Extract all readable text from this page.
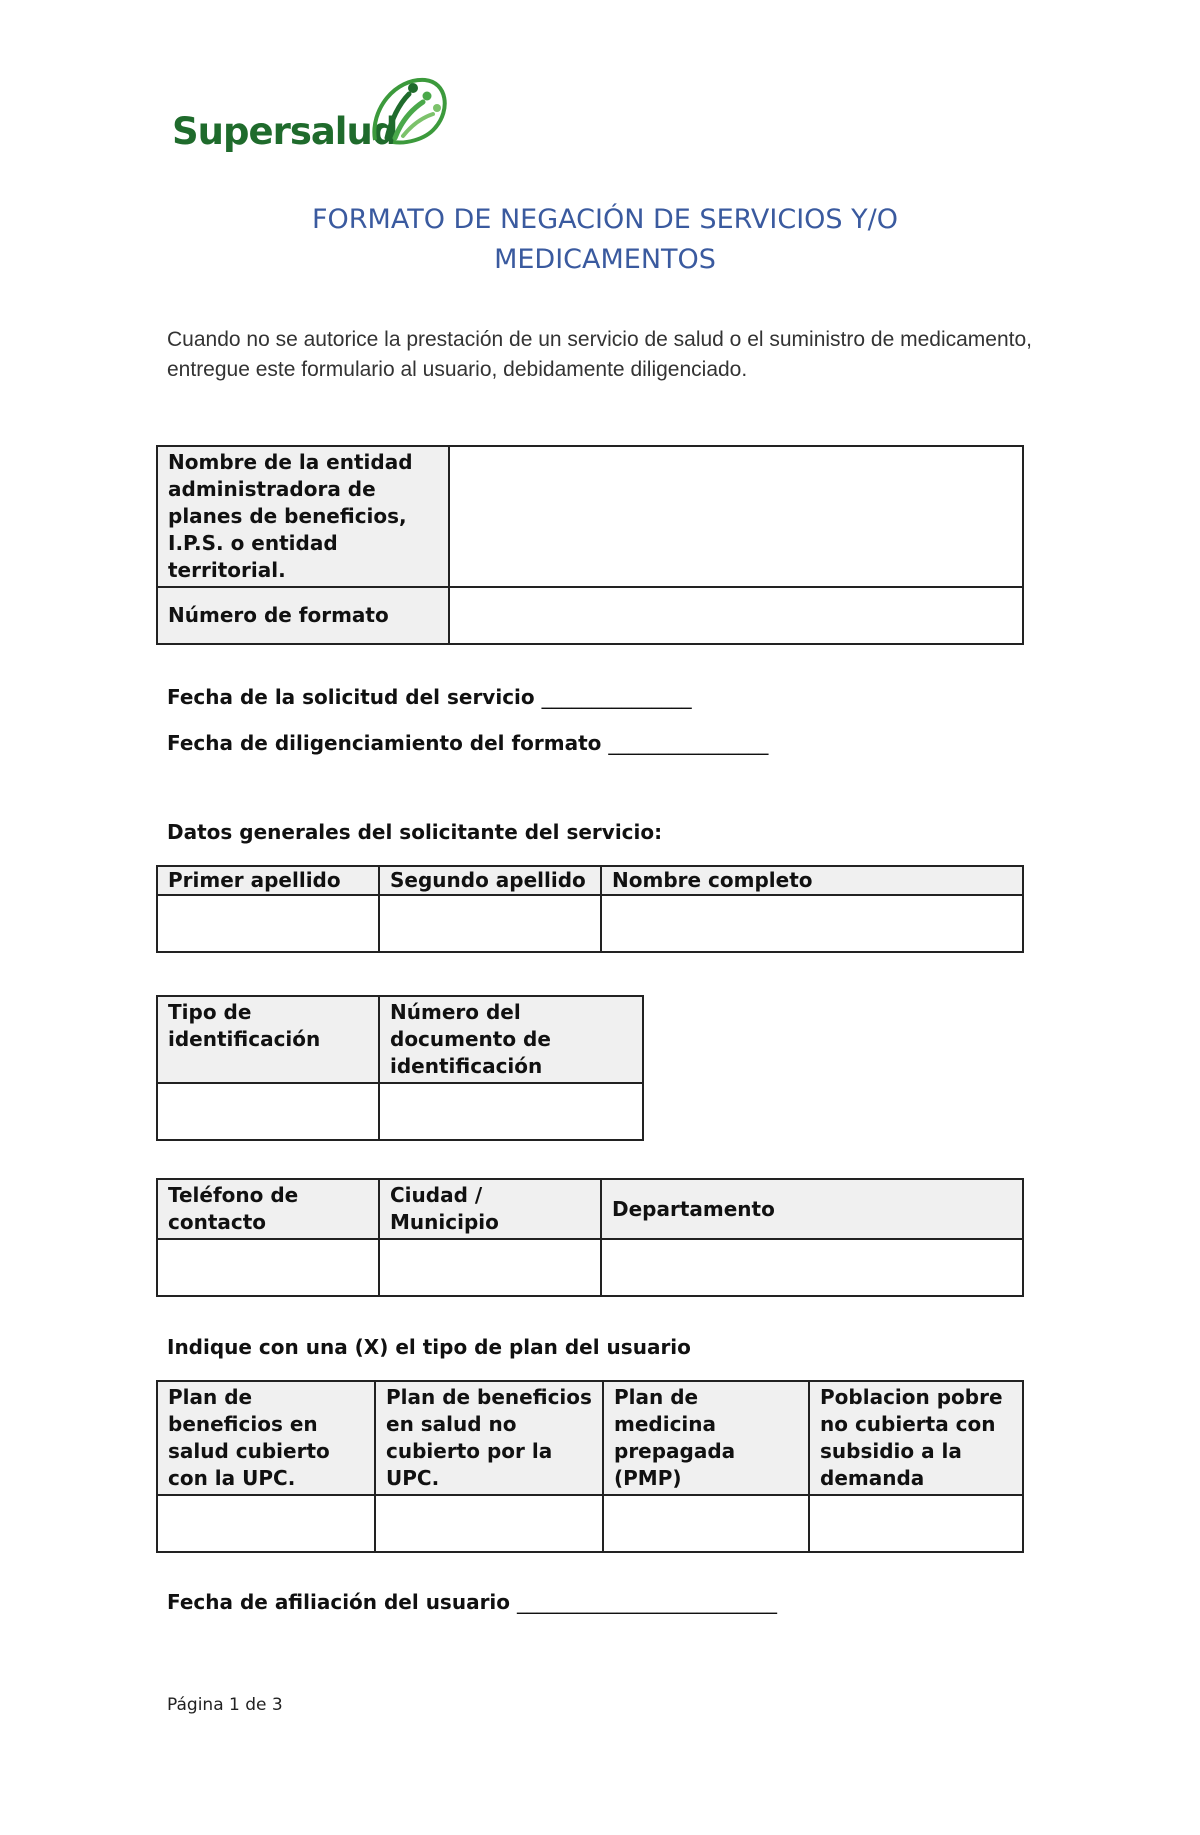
Supersalud
FORMATO DE NEGACIÓN DE SERVICIOS Y/O
MEDICAMENTOS
Cuando no se autorice la prestación de un servicio de salud o el suministro de medicamento, entregue este formulario al usuario, debidamente diligenciado.
Nombre de la entidad administradora de planes de beneficios, I.P.S. o entidad territorial.	
Número de formato	
Fecha de la solicitud del servicio _______________
Fecha de diligenciamiento del formato ________________
Datos generales del solicitante del servicio:
Primer apellido	Segundo apellido	Nombre completo

Tipo de identificación	Número del documento de identificación

Teléfono de contacto	Ciudad / Municipio	Departamento

Indique con una (X) el tipo de plan del usuario
Plan de beneficios en salud cubierto con la UPC.	Plan de beneficios en salud no cubierto por la UPC.	Plan de medicina prepagada (PMP)	Poblacion pobre no cubierta con subsidio a la demanda

Fecha de afiliación del usuario __________________________
Página 1 de 3
